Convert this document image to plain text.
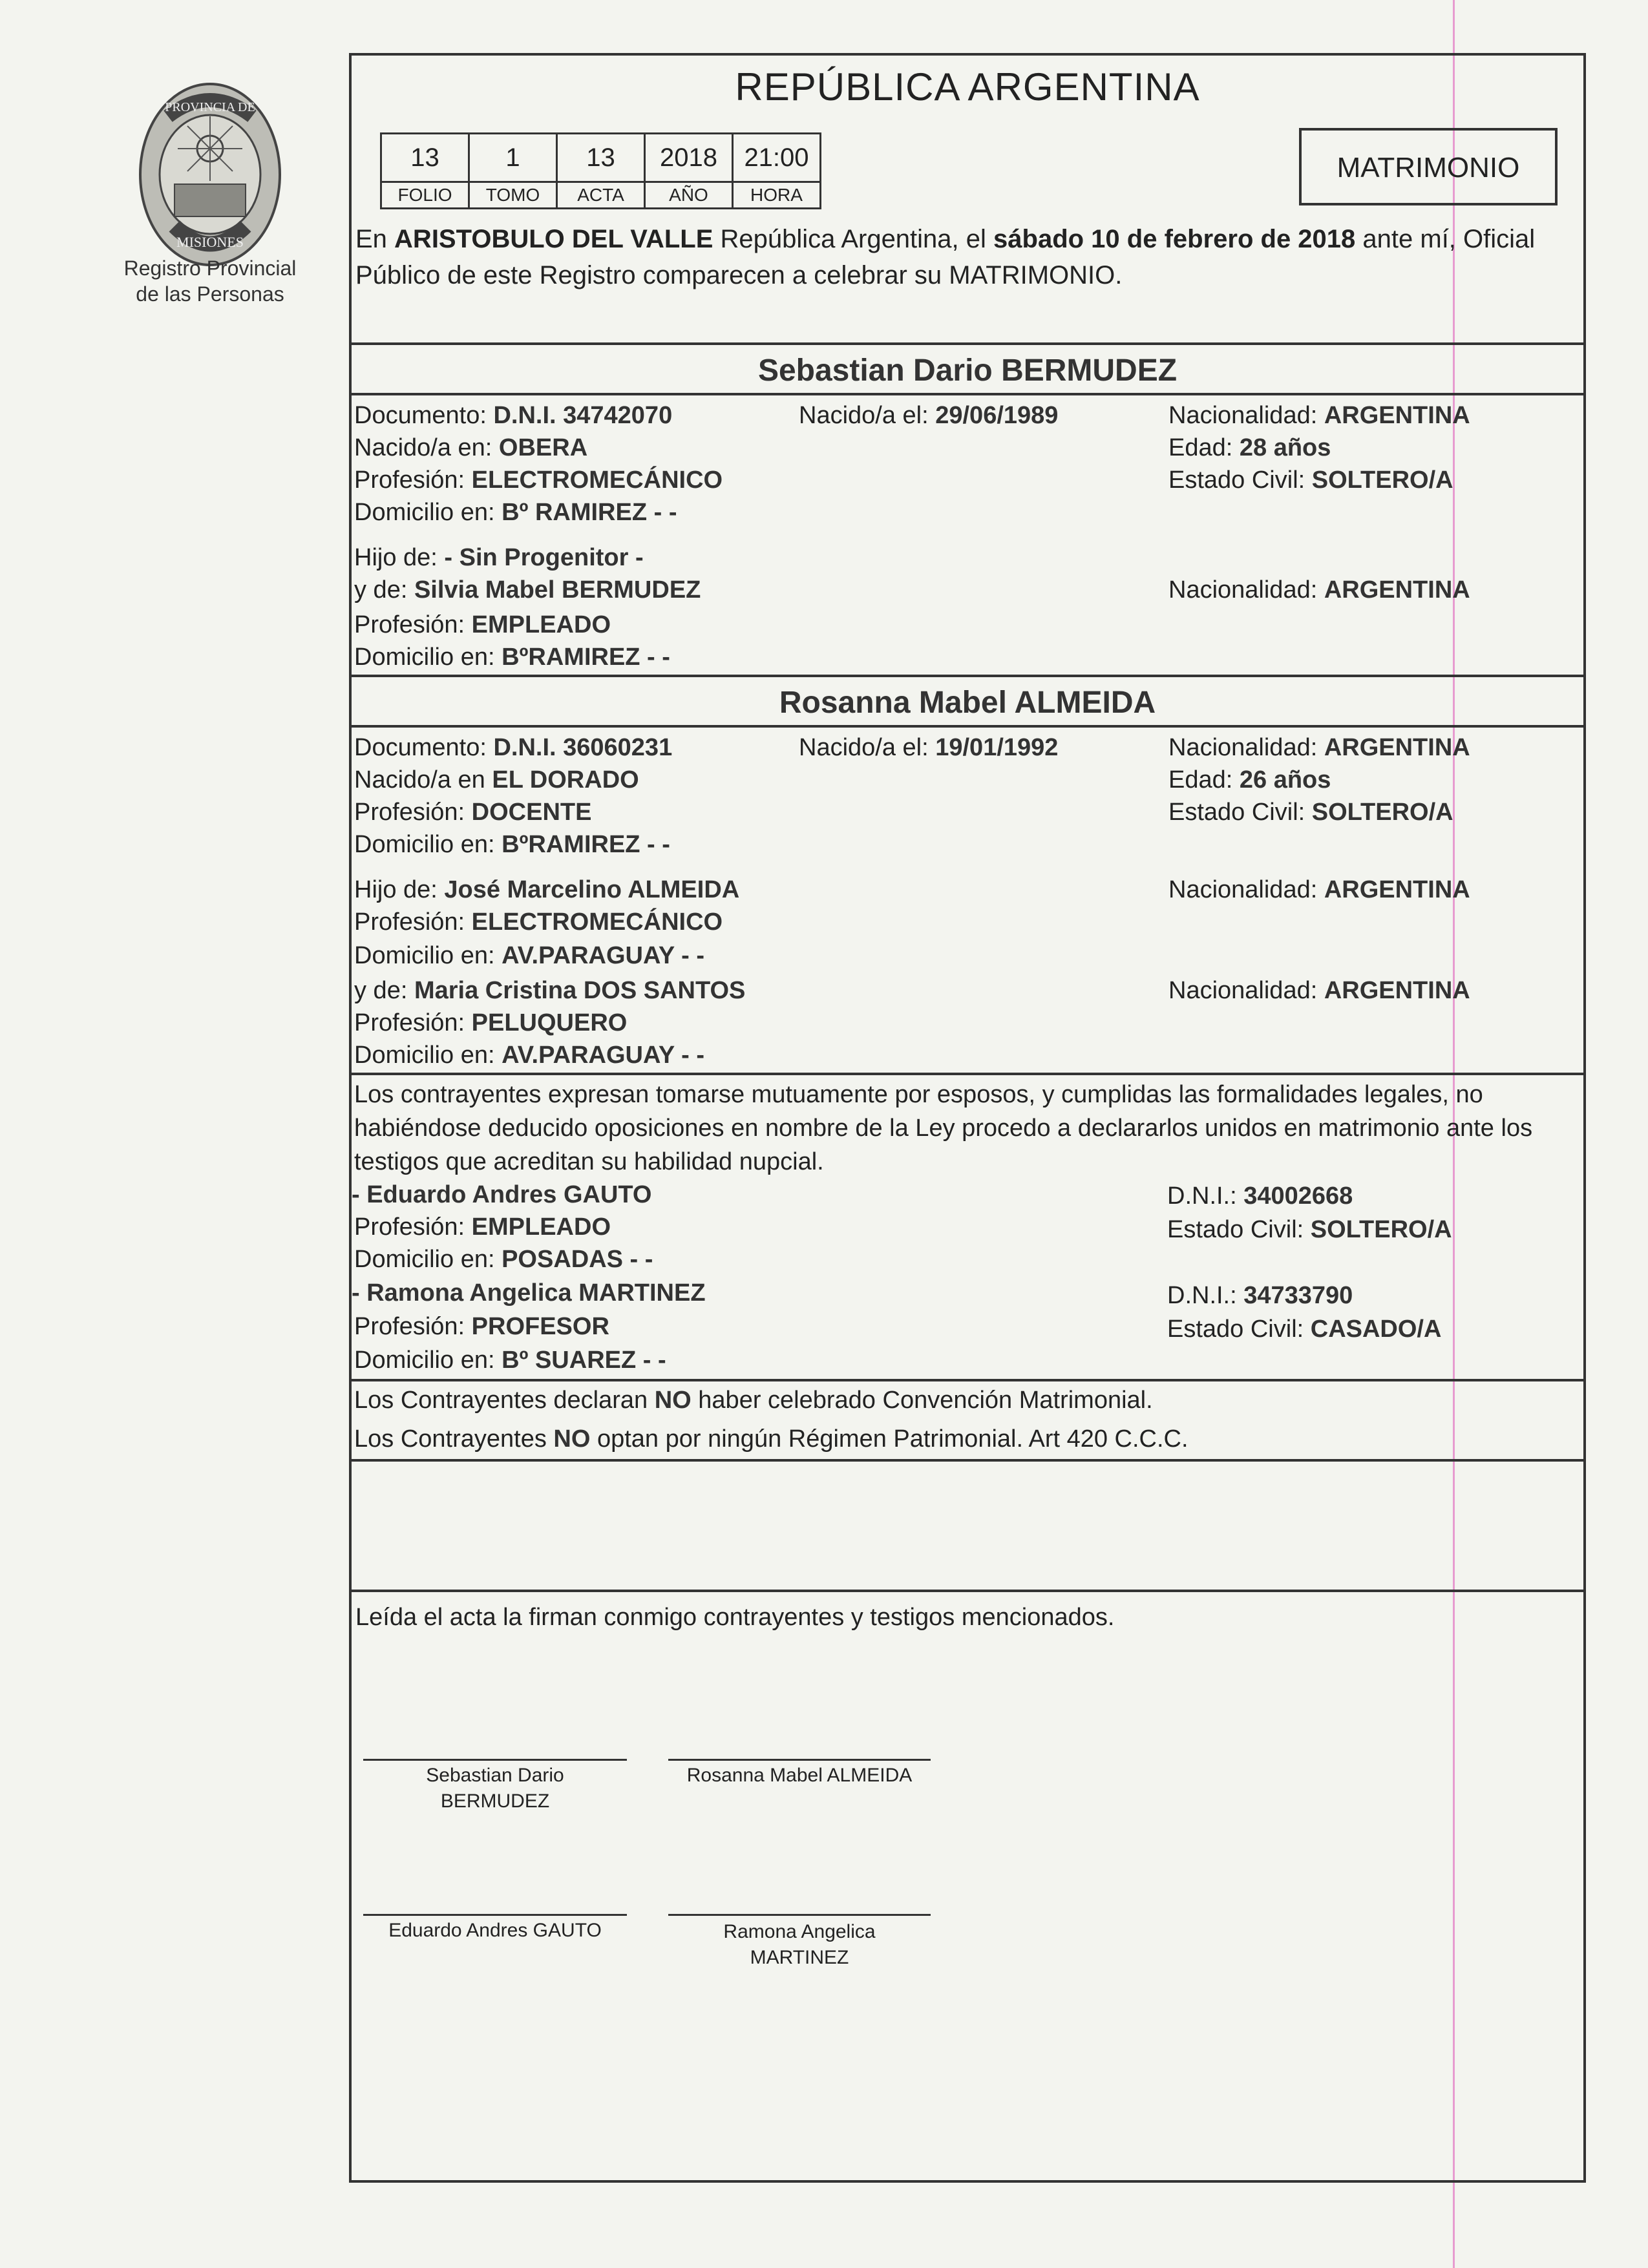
PROVINCIA DE
MISIONES
Registro Provincial
de las Personas
REPÚBLICA ARGENTINA
13	1	13	2018	21:00
FOLIO	TOMO	ACTA	AÑO	HORA
MATRIMONIO
En ARISTOBULO DEL VALLE República Argentina, el sábado 10 de febrero de 2018 ante mí, Oficial Público de este Registro comparecen a celebrar su MATRIMONIO.
Sebastian Dario BERMUDEZ
Documento: D.N.I. 34742070	Nacido/a el: 29/06/1989	Nacionalidad: ARGENTINA
Nacido/a en: OBERA	Edad: 28 años
Profesión: ELECTROMECÁNICO	Estado Civil: SOLTERO/A
Domicilio en: Bº RAMIREZ - -
Hijo de: - Sin Progenitor -
y de: Silvia Mabel BERMUDEZ	Nacionalidad: ARGENTINA
Profesión: EMPLEADO
Domicilio en: BºRAMIREZ - -
Rosanna Mabel ALMEIDA
Documento: D.N.I. 36060231	Nacido/a el: 19/01/1992	Nacionalidad: ARGENTINA
Nacido/a en EL DORADO	Edad: 26 años
Profesión: DOCENTE	Estado Civil: SOLTERO/A
Domicilio en: BºRAMIREZ - -
Hijo de: José Marcelino ALMEIDA	Nacionalidad: ARGENTINA
Profesión: ELECTROMECÁNICO
Domicilio en: AV.PARAGUAY - -
y de: Maria Cristina DOS SANTOS	Nacionalidad: ARGENTINA
Profesión: PELUQUERO
Domicilio en: AV.PARAGUAY - -
Los contrayentes expresan tomarse mutuamente por esposos, y cumplidas las formalidades legales, no habiéndose deducido oposiciones en nombre de la Ley procedo a declararlos unidos en matrimonio ante los testigos que acreditan su habilidad nupcial.
- Eduardo Andres GAUTO	D.N.I.: 34002668
Profesión: EMPLEADO	Estado Civil: SOLTERO/A
Domicilio en: POSADAS - -
- Ramona Angelica MARTINEZ	D.N.I.: 34733790
Profesión: PROFESOR	Estado Civil: CASADO/A
Domicilio en: Bº SUAREZ - -
Los Contrayentes declaran NO haber celebrado Convención Matrimonial.
Los Contrayentes NO optan por ningún Régimen Patrimonial. Art 420 C.C.C.
Leída el acta la firman conmigo contrayentes y testigos mencionados.
Sebastian Dario
BERMUDEZ
Rosanna Mabel ALMEIDA
Eduardo Andres GAUTO	Ramona Angelica
MARTINEZ
